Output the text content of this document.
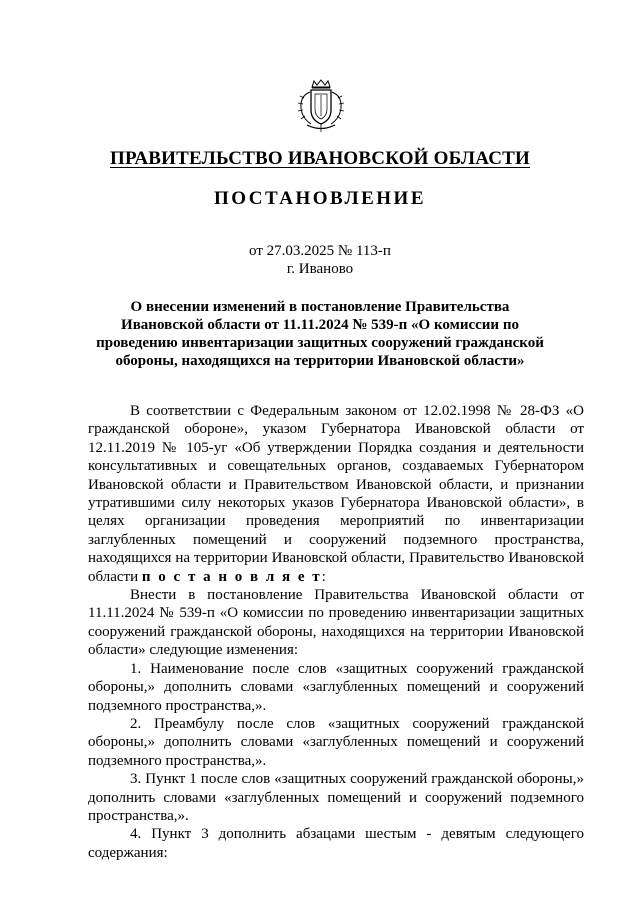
ПРАВИТЕЛЬСТВО ИВАНОВСКОЙ ОБЛАСТИ
ПОСТАНОВЛЕНИЕ
от 27.03.2025 № 113-п
г. Иваново
О внесении изменений в постановление Правительства Ивановской области от 11.11.2024 № 539-п «О комиссии по проведению инвентаризации защитных сооружений гражданской обороны, находящихся на территории Ивановской области»

В соответствии с Федеральным законом от 12.02.1998 № 28-ФЗ «О гражданской обороне», указом Губернатора Ивановской области от 12.11.2019 № 105-уг «Об утверждении Порядка создания и деятельности консультативных и совещательных органов, создаваемых Губернатором Ивановской области и Правительством Ивановской области, и признании утратившими силу некоторых указов Губернатора Ивановской области», в целях организации проведения мероприятий по инвентаризации заглубленных помещений и сооружений подземного пространства, находящихся на территории Ивановской области, Правительство Ивановской области п о с т а н о в л я е т:

Внести в постановление Правительства Ивановской области от 11.11.2024 № 539-п «О комиссии по проведению инвентаризации защитных сооружений гражданской обороны, находящихся на территории Ивановской области» следующие изменения:

1. Наименование после слов «защитных сооружений гражданской обороны,» дополнить словами «заглубленных помещений и сооружений подземного пространства,».

2. Преамбулу после слов «защитных сооружений гражданской обороны,» дополнить словами «заглубленных помещений и сооружений подземного пространства,».

3. Пункт 1 после слов «защитных сооружений гражданской обороны,» дополнить словами «заглубленных помещений и сооружений подземного пространства,».

4. Пункт 3 дополнить абзацами шестым - девятым следующего содержания:
